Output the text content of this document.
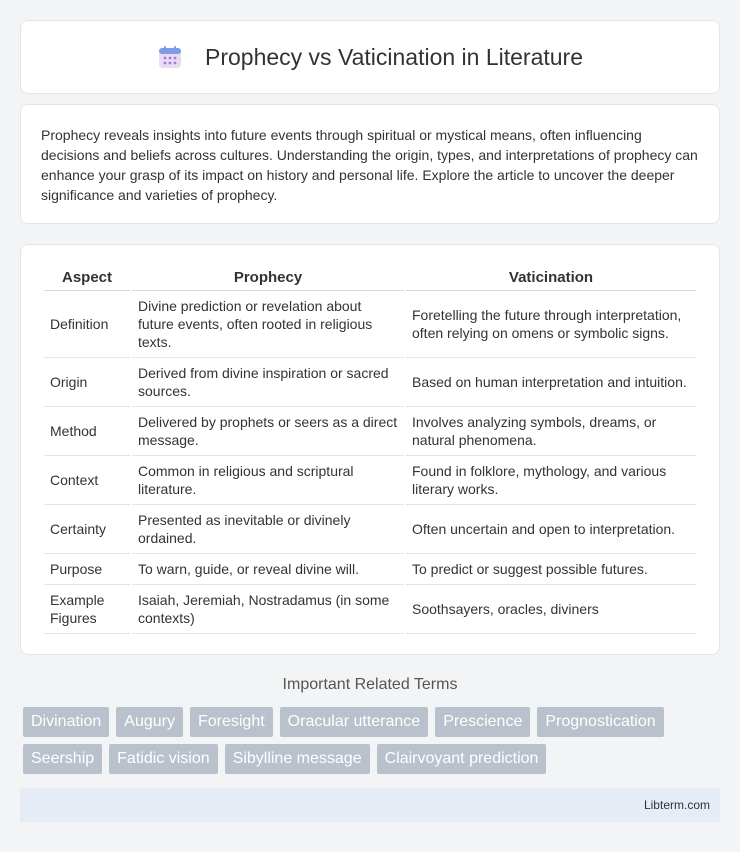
Prophecy vs Vaticination in Literature

Prophecy reveals insights into future events through spiritual or mystical means, often influencing decisions and beliefs across cultures. Understanding the origin, types, and interpretations of prophecy can enhance your grasp of its impact on history and personal life. Explore the article to uncover the deeper significance and varieties of prophecy.

Aspect	Prophecy	Vaticination
Definition	Divine prediction or revelation about future events, often rooted in religious texts.	Foretelling the future through interpretation, often relying on omens or symbolic signs.
Origin	Derived from divine inspiration or sacred sources.	Based on human interpretation and intuition.
Method	Delivered by prophets or seers as a direct message.	Involves analyzing symbols, dreams, or natural phenomena.
Context	Common in religious and scriptural literature.	Found in folklore, mythology, and various literary works.
Certainty	Presented as inevitable or divinely ordained.	Often uncertain and open to interpretation.
Purpose	To warn, guide, or reveal divine will.	To predict or suggest possible futures.
Example Figures	Isaiah, Jeremiah, Nostradamus (in some contexts)	Soothsayers, oracles, diviners
Important Related Terms
Divination	Augury	Foresight	Oracular utterance	Prescience	Prognostication
Seership	Fatidic vision	Sibylline message	Clairvoyant prediction
Libterm.com
